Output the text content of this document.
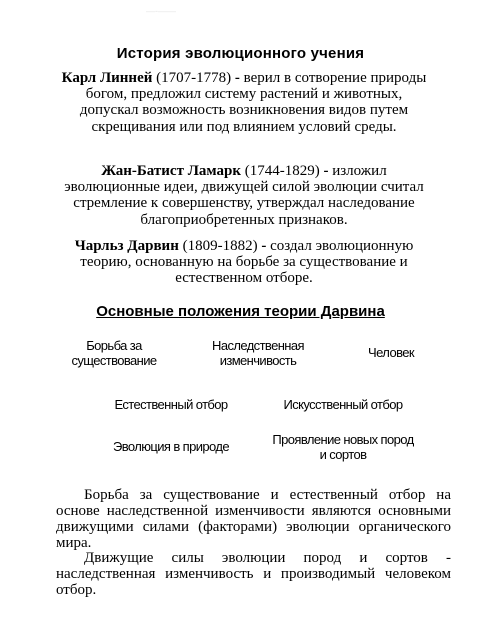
—-——
История эволюционного учения
Карл Линней (1707-1778) - верил в сотворение природы богом, предложил систему растений и животных, допускал возможность возникновения видов путем скрещивания или под влиянием условий среды.
Жан-Батист Ламарк (1744-1829) - изложил эволюционные идеи, движущей силой эволюции считал стремление к совершенству, утверждал наследование благоприобретенных признаков.
Чарльз Дарвин (1809-1882) - создал эволюционную теорию, основанную на борьбе за существование и естественном отборе.
Основные положения теории Дарвина
Борьба за существование
Наследственная изменчивость
Человек
Естественный отбор	Искусственный отбор
Эволюция в природе	Проявление новых пород и сортов
Борьба за существование и естественный отбор на основе наследственной изменчивости являются основными движущими силами (факторами) эволюции органического мира.
Движущие силы эволюции пород и сортов - наследственная изменчивость и производимый человеком отбор.
